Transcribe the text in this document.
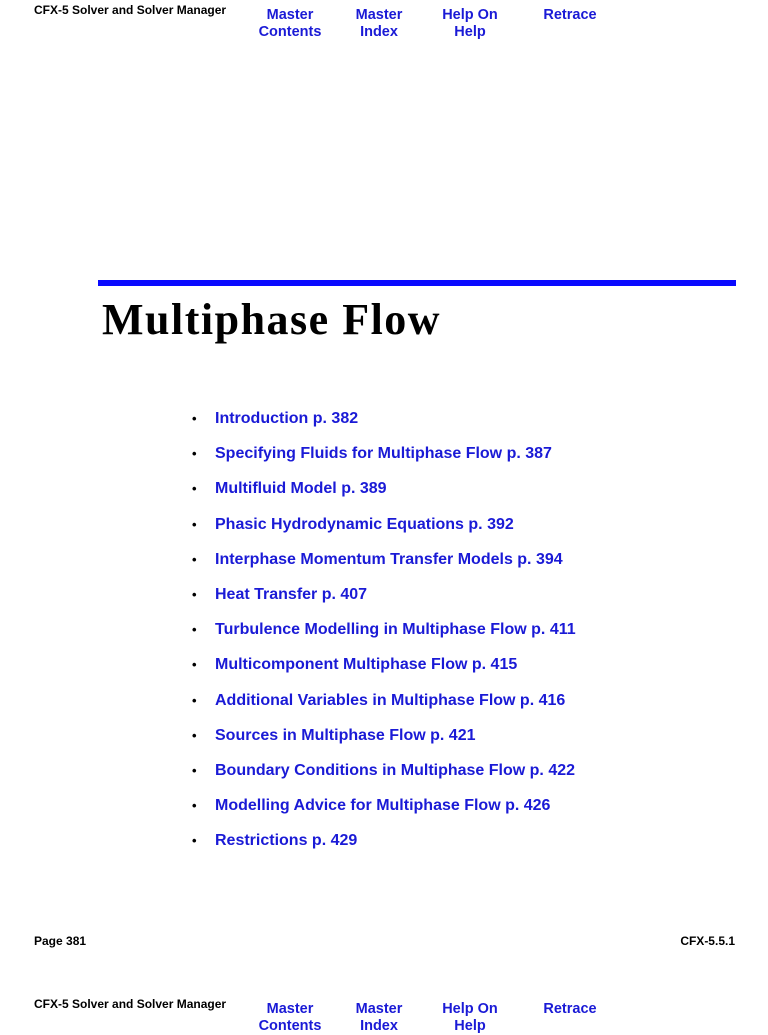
CFX-5 Solver and Solver Manager	Master
Contents
Master
Index
Help On
Help
Retrace
Multiphase Flow
•	Introduction p. 382
•	Specifying Fluids for Multiphase Flow p. 387
•	Multifluid Model p. 389
•	Phasic Hydrodynamic Equations p. 392
•	Interphase Momentum Transfer Models p. 394
•	Heat Transfer p. 407
•	Turbulence Modelling in Multiphase Flow p. 411
•	Multicomponent Multiphase Flow p. 415
•	Additional Variables in Multiphase Flow p. 416
•	Sources in Multiphase Flow p. 421
•	Boundary Conditions in Multiphase Flow p. 422
•	Modelling Advice for Multiphase Flow p. 426
•	Restrictions p. 429
Page 381	CFX-5.5.1
CFX-5 Solver and Solver Manager	Master
Contents
Master
Index
Help On
Help
Retrace
